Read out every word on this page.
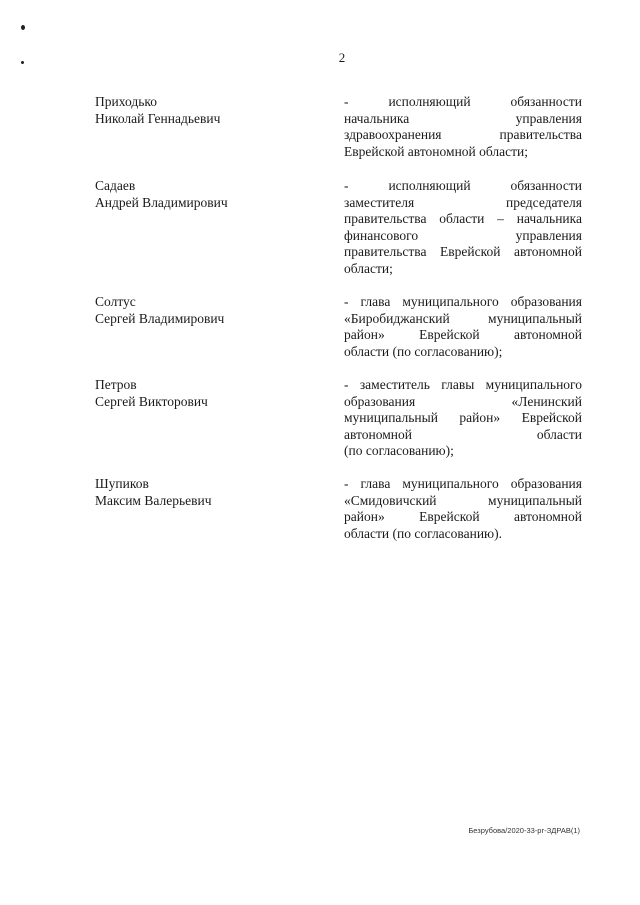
2
Приходько
Николай Геннадьевич
- исполняющий обязанности
начальника управления
здравоохранения правительства
Еврейской автономной области;
Садаев
Андрей Владимирович
- исполняющий обязанности
заместителя председателя
правительства области – начальника
финансового управления
правительства Еврейской автономной
области;
Солтус
Сергей Владимирович
- глава муниципального образования
«Биробиджанский муниципальный
район» Еврейской автономной
области (по согласованию);
Петров
Сергей Викторович
- заместитель главы муниципального
образования «Ленинский
муниципальный район» Еврейской
автономной области
(по согласованию);
Шупиков
Максим Валерьевич
- глава муниципального образования
«Смидовичский муниципальный
район» Еврейской автономной
области (по согласованию).
Безрубова/2020-33-рг-ЗДРАВ(1)
